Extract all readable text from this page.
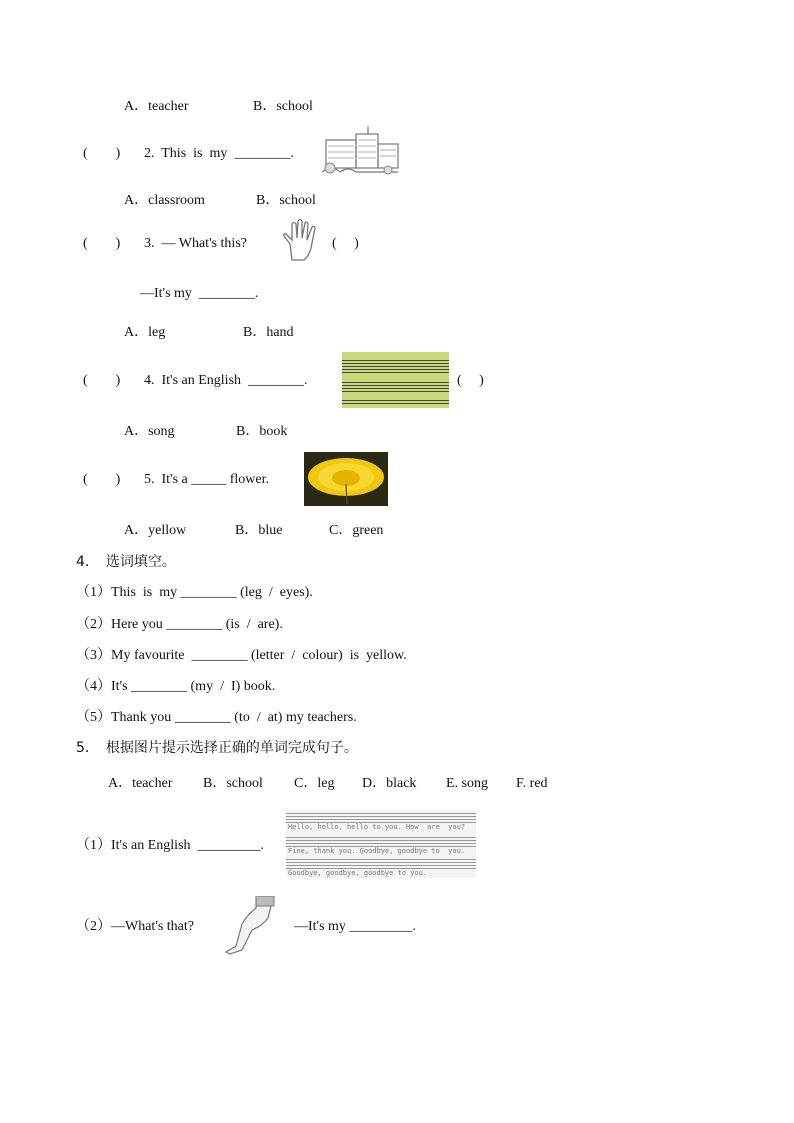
A．teacher	B．school
(　　) 2.  This  is  my  ________.
A．classroom	B．school
(　　) 3.  — What's this?	(　 )
—It's my  ________.
A．leg	B．hand
(　　) 4.  It's an English  ________.	(　 )
A．song	B．book
(　　) 5.  It's a _____ flower.
A．yellow	B．blue	C．green
4．　选词填空。
（1）This  is  my ________ (leg  /  eyes).
（2）Here you ________ (is  /  are).
（3）My favourite  ________ (letter  /  colour)  is  yellow.
（4）It's ________ (my  /  I) book.
（5）Thank you ________ (to  /  at) my teachers.
5．　根据图片提示选择正确的单词完成句子。
A．teacher B．school C．leg D．black E. song F. red
（1）It's an English  _________.
Hello, hello, hello to you. How  are  you?
Fine, thank you. Goodbye, goodbye to  you.
Goodbye, goodbye, goodbye to you.
（2）—What's that?	—It's my _________.
